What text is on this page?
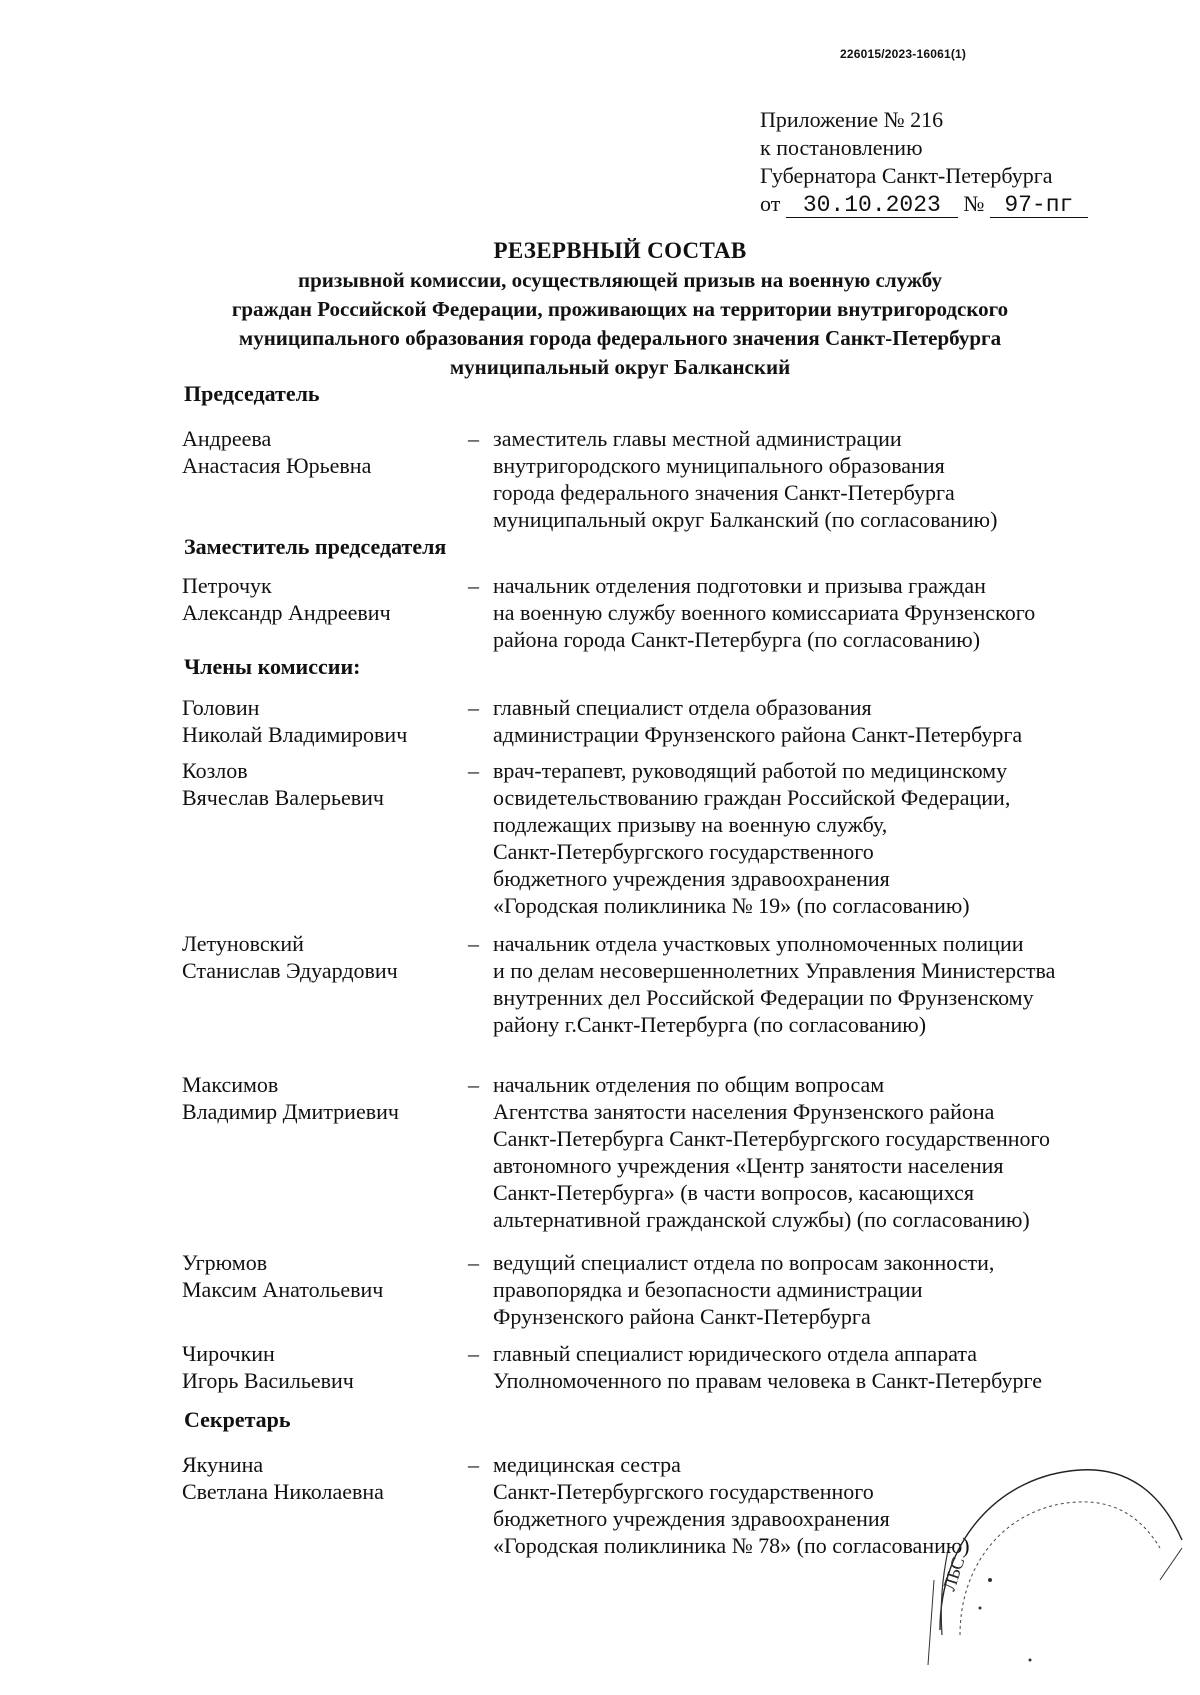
226015/2023-16061(1)
Приложение № 216
к постановлению
Губернатора Санкт-Петербурга
от 30.10.2023 № 97-пг
РЕЗЕРВНЫЙ СОСТАВ
призывной комиссии, осуществляющей призыв на военную службу
граждан Российской Федерации, проживающих на территории внутригородского
муниципального образования города федерального значения Санкт-Петербурга
муниципальный округ Балканский
Председатель
Андреева
Анастасия Юрьевна
– заместитель главы местной администрации
внутригородского муниципального образования
города федерального значения Санкт-Петербурга
муниципальный округ Балканский (по согласованию)
Заместитель председателя
Петрочук
Александр Андреевич
– начальник отделения подготовки и призыва граждан
на военную службу военного комиссариата Фрунзенского
района города Санкт-Петербурга (по согласованию)
Члены комиссии:
Головин
Николай Владимирович
– главный специалист отдела образования
администрации Фрунзенского района Санкт-Петербурга
Козлов
Вячеслав Валерьевич
– врач-терапевт, руководящий работой по медицинскому
освидетельствованию граждан Российской Федерации,
подлежащих призыву на военную службу,
Санкт-Петербургского государственного
бюджетного учреждения здравоохранения
«Городская поликлиника № 19» (по согласованию)
Летуновский
Станислав Эдуардович
– начальник отдела участковых уполномоченных полиции
и по делам несовершеннолетних Управления Министерства
внутренних дел Российской Федерации по Фрунзенскому
району г.Санкт-Петербурга (по согласованию)
Максимов
Владимир Дмитриевич
– начальник отделения по общим вопросам
Агентства занятости населения Фрунзенского района
Санкт-Петербурга Санкт-Петербургского государственного
автономного учреждения «Центр занятости населения
Санкт-Петербурга» (в части вопросов, касающихся
альтернативной гражданской службы) (по согласованию)
Угрюмов
Максим Анатольевич
– ведущий специалист отдела по вопросам законности,
правопорядка и безопасности администрации
Фрунзенского района Санкт-Петербурга
Чирочкин
Игорь Васильевич
– главный специалист юридического отдела аппарата
Уполномоченного по правам человека в Санкт-Петербурге
Секретарь
Якунина
Светлана Николаевна
– медицинская сестра
Санкт-Петербургского государственного
бюджетного учреждения здравоохранения
«Городская поликлиника № 78» (по согласованию)
ЛЬС
